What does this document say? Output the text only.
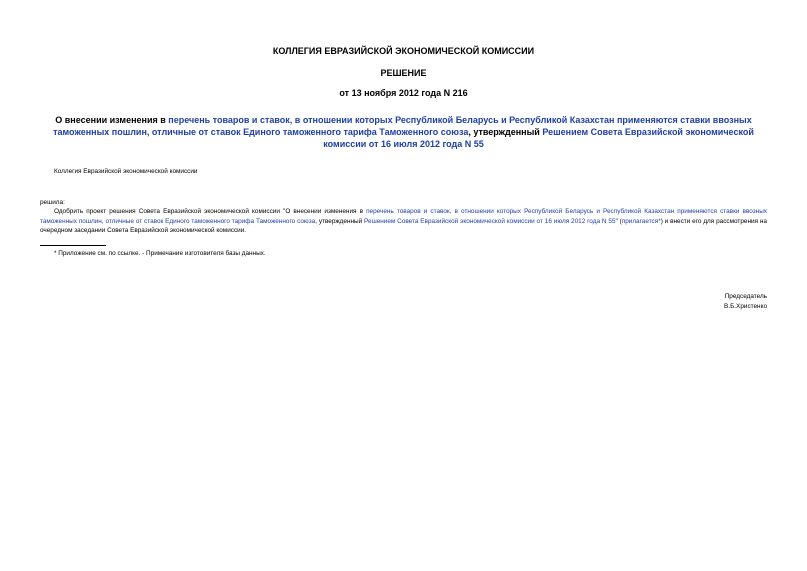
КОЛЛЕГИЯ ЕВРАЗИЙСКОЙ ЭКОНОМИЧЕСКОЙ КОМИССИИ
РЕШЕНИЕ
от 13 ноября 2012 года N 216
О внесении изменения в перечень товаров и ставок, в отношении которых Республикой Беларусь и Республикой Казахстан применяются ставки ввозных таможенных пошлин, отличные от ставок Единого таможенного тарифа Таможенного союза, утвержденный Решением Совета Евразийской экономической комиссии от 16 июля 2012 года N 55
Коллегия Евразийской экономической комиссии
решила:
Одобрить проект решения Совета Евразийской экономической комиссии "О внесении изменения в перечень товаров и ставок, в отношении которых Республикой Беларусь и Республикой Казахстан применяются ставки ввозных таможенных пошлин, отличные от ставок Единого таможенного тарифа Таможенного союза, утвержденный Решением Совета Евразийской экономической комиссии от 16 июля 2012 года N 55" (прилагается*) и внести его для рассмотрения на очередном заседании Совета Евразийской экономической комиссии.
* Приложение см. по ссылке. - Примечание изготовителя базы данных.
Председатель
В.Б.Христенко
